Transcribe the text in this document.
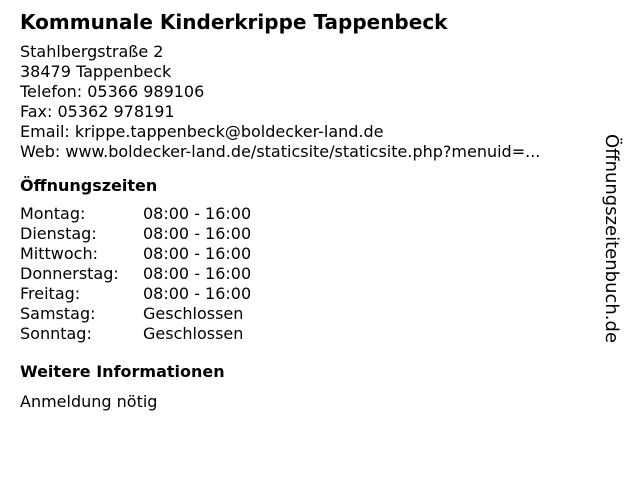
Kommunale Kinderkrippe Tappenbeck
Stahlbergstraße 2
38479 Tappenbeck
Telefon: 05366 989106
Fax: 05362 978191
Email: krippe.tappenbeck@boldecker-land.de
Web: www.boldecker-land.de/staticsite/staticsite.php?menuid=...
Öffnungszeiten
Montag:	08:00 - 16:00
Dienstag:	08:00 - 16:00
Mittwoch:	08:00 - 16:00
Donnerstag:	08:00 - 16:00
Freitag:	08:00 - 16:00
Samstag:	Geschlossen
Sonntag:	Geschlossen
Weitere Informationen
Anmeldung nötig
Öffnungszeitenbuch.de
